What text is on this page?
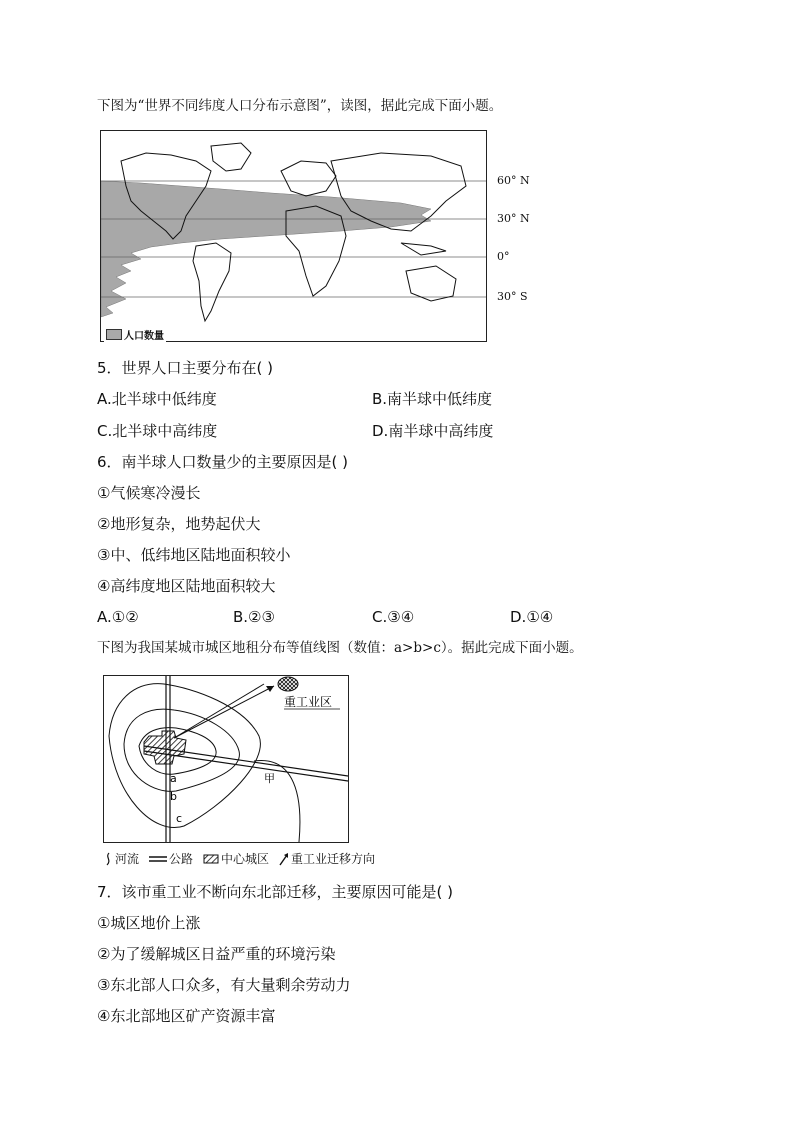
下图为“世界不同纬度人口分布示意图”，读图，据此完成下面小题。
60° N
30° N
0°
30° S
人口数量
5．世界人口主要分布在( )
A.北半球中低纬度	B.南半球中低纬度
C.北半球中高纬度	D.南半球中高纬度
6．南半球人口数量少的主要原因是( )
①气候寒冷漫长
②地形复杂，地势起伏大
③中、低纬地区陆地面积较小
④高纬度地区陆地面积较大
A.①②	B.②③	C.③④	D.①④
下图为我国某城市城区地租分布等值线图（数值：a>b>c）。据此完成下面小题。
重工业区
a
b
c
甲
河流	公路 中心城区 重工业迁移方向
7．该市重工业不断向东北部迁移，主要原因可能是( )
①城区地价上涨
②为了缓解城区日益严重的环境污染
③东北部人口众多，有大量剩余劳动力
④东北部地区矿产资源丰富
